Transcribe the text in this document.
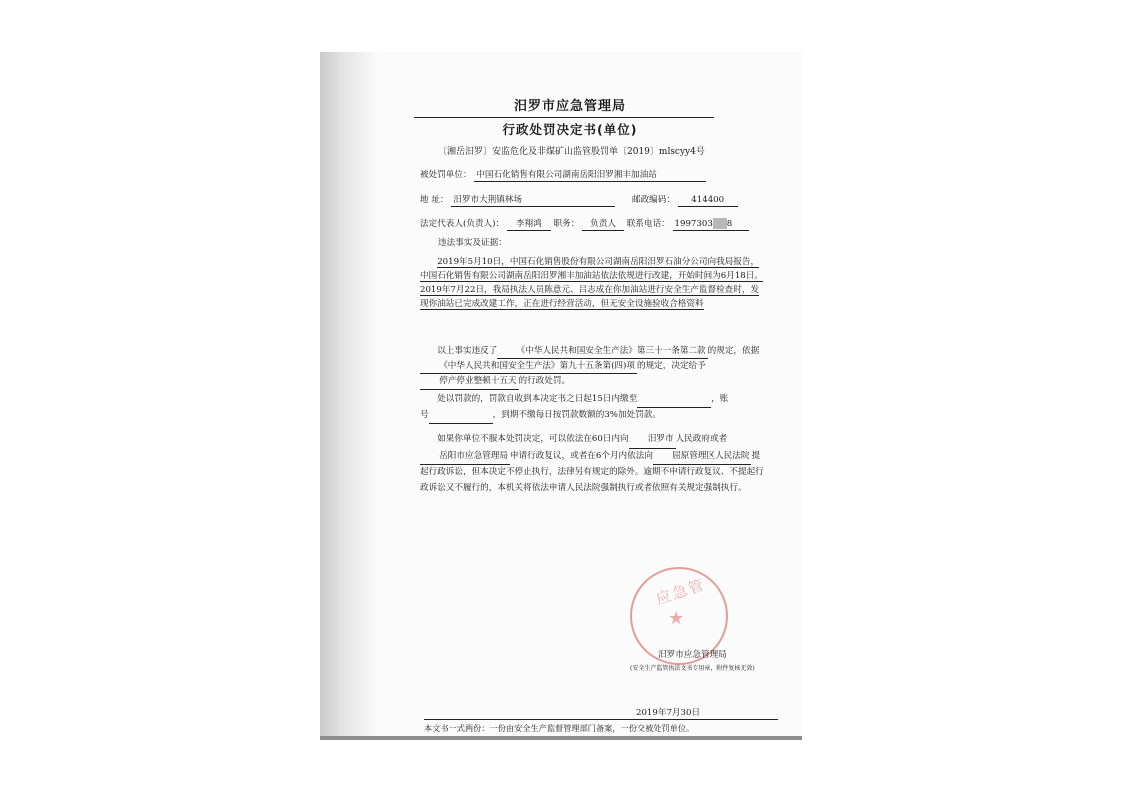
汨罗市应急管理局
行政处罚决定书(单位)
〔湘岳汨罗〕安监危化及非煤矿山监管股罚单〔2019〕mlscyy4号
被处罚单位： 中国石化销售有限公司湖南岳阳汨罗湘丰加油站
地 址： 汨罗市大荆镇林场	邮政编码： 414400
法定代表人(负责人)： 李翔鸿 职务： 负责人 联系电话： 1997303 8
违法事实及证据：

2019年5月10日，中国石化销售股份有限公司湖南岳阳汨罗石油分公司向我局报告，中国石化销售有限公司湖南岳阳汨罗湘丰加油站依法依规进行改建，开始时间为6月18日。2019年7月22日，我局执法人员陈意元、吕志成在你加油站进行安全生产监督检查时，发现你油站已完成改建工作，正在进行经营活动，但无安全设施验收合格资料

以上事实违反了 《中华人民共和国安全生产法》第三十一条第二款 的规定，依据《中华人民共和国安全生产法》第九十五条第(四)项 的规定，决定给予停产停业整顿十五天 的行政处罚。

处以罚款的，罚款自收到本决定书之日起15日内缴至	，账

号	，到期不缴每日按罚款数额的3%加处罚款。

如果你单位不服本处罚决定，可以依法在60日内向 汨罗市 人民政府或者岳阳市应急管理局 申请行政复议，或者在6个月内依法向 屈原管理区人民法院 提起行政诉讼，但本决定不停止执行，法律另有规定的除外。逾期不申请行政复议、不提起行政诉讼又不履行的，本机关将依法申请人民法院强制执行或者依照有关规定强制执行。

应急管
★
汨罗市应急管理局
(安全生产监管执法文书专用章，附件复核无效)
2019年7月30日
本文书一式两份：一份由安全生产监督管理部门备案，一份交被处罚单位。
